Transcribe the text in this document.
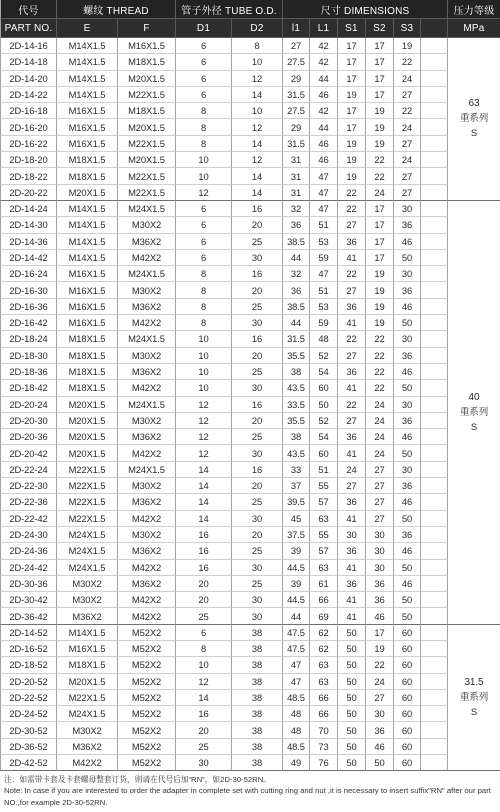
代号	螺纹 THREAD	管子外径 TUBE O.D.	尺寸 DIMENSIONS	压力等级
PART NO.	E	F	D1	D2	l1	L1	S1	S2	S3	MPa
2D-14-16	M14X1.5	M16X1.5	6	8	27	42	17	17	19
2D-14-18	M14X1.5	M18X1.5	6	10	27.5	42	17	17	22
2D-14-20	M14X1.5	M20X1.5	6	12	29	44	17	17	24
2D-14-22	M14X1.5	M22X1.5	6	14	31.5	46	19	17	27
2D-16-18	M16X1.5	M18X1.5	8	10	27.5	42	17	19	22
2D-16-20	M16X1.5	M20X1.5	8	12	29	44	17	19	24
2D-16-22	M16X1.5	M22X1.5	8	14	31.5	46	19	19	27
2D-18-20	M18X1.5	M20X1.5	10	12	31	46	19	22	24
2D-18-22	M18X1.5	M22X1.5	10	14	31	47	19	22	27
2D-20-22	M20X1.5	M22X1.5	12	14	31	47	22	24	27
63
重系列
S
2D-14-24	M14X1.5	M24X1.5	6	16	32	47	22	17	30
2D-14-30	M14X1.5	M30X2	6	20	36	51	27	17	36
2D-14-36	M14X1.5	M36X2	6	25	38.5	53	36	17	46
2D-14-42	M14X1.5	M42X2	6	30	44	59	41	17	50
2D-16-24	M16X1.5	M24X1.5	8	16	32	47	22	19	30
2D-16-30	M16X1.5	M30X2	8	20	36	51	27	19	36
2D-16-36	M16X1.5	M36X2	8	25	38.5	53	36	19	46
2D-16-42	M16X1.5	M42X2	8	30	44	59	41	19	50
2D-18-24	M18X1.5	M24X1.5	10	16	31.5	48	22	22	30
2D-18-30	M18X1.5	M30X2	10	20	35.5	52	27	22	36
2D-18-36	M18X1.5	M36X2	10	25	38	54	36	22	46
2D-18-42	M18X1.5	M42X2	10	30	43.5	60	41	22	50
2D-20-24	M20X1.5	M24X1.5	12	16	33.5	50	22	24	30
2D-20-30	M20X1.5	M30X2	12	20	35.5	52	27	24	36
2D-20-36	M20X1.5	M36X2	12	25	38	54	36	24	46
2D-20-42	M20X1.5	M42X2	12	30	43.5	60	41	24	50
2D-22-24	M22X1.5	M24X1.5	14	16	33	51	24	27	30
2D-22-30	M22X1.5	M30X2	14	20	37	55	27	27	36
2D-22-36	M22X1.5	M36X2	14	25	39.5	57	36	27	46
2D-22-42	M22X1.5	M42X2	14	30	45	63	41	27	50
2D-24-30	M24X1.5	M30X2	16	20	37.5	55	30	30	36
2D-24-36	M24X1.5	M36X2	16	25	39	57	36	30	46
2D-24-42	M24X1.5	M42X2	16	30	44.5	63	41	30	50
2D-30-36	M30X2	M36X2	20	25	39	61	36	36	46
2D-30-42	M30X2	M42X2	20	30	44.5	66	41	36	50
2D-36-42	M36X2	M42X2	25	30	44	69	41	46	50
40
重系列
S
2D-14-52	M14X1.5	M52X2	6	38	47.5	62	50	17	60
2D-16-52	M16X1.5	M52X2	8	38	47.5	62	50	19	60
2D-18-52	M18X1.5	M52X2	10	38	47	63	50	22	60
2D-20-52	M20X1.5	M52X2	12	38	47	63	50	24	60
2D-22-52	M22X1.5	M52X2	14	38	48.5	66	50	27	60
2D-24-52	M24X1.5	M52X2	16	38	48	66	50	30	60
2D-30-52	M30X2	M52X2	20	38	48	70	50	36	60
2D-36-52	M36X2	M52X2	25	38	48.5	73	50	46	60
2D-42-52	M42X2	M52X2	30	38	49	76	50	50	60
31.5
重系列
S
注：如需带卡套及卡套螺母整套订货，则请在代号后加“RN”，如2D-30-52RN。
Note: In case if you are interested to order the adapter in complete set with cutting ring and nut ,it is necessary to insert suffix"RN" after our part NO.,for example 2D-30-52RN.
